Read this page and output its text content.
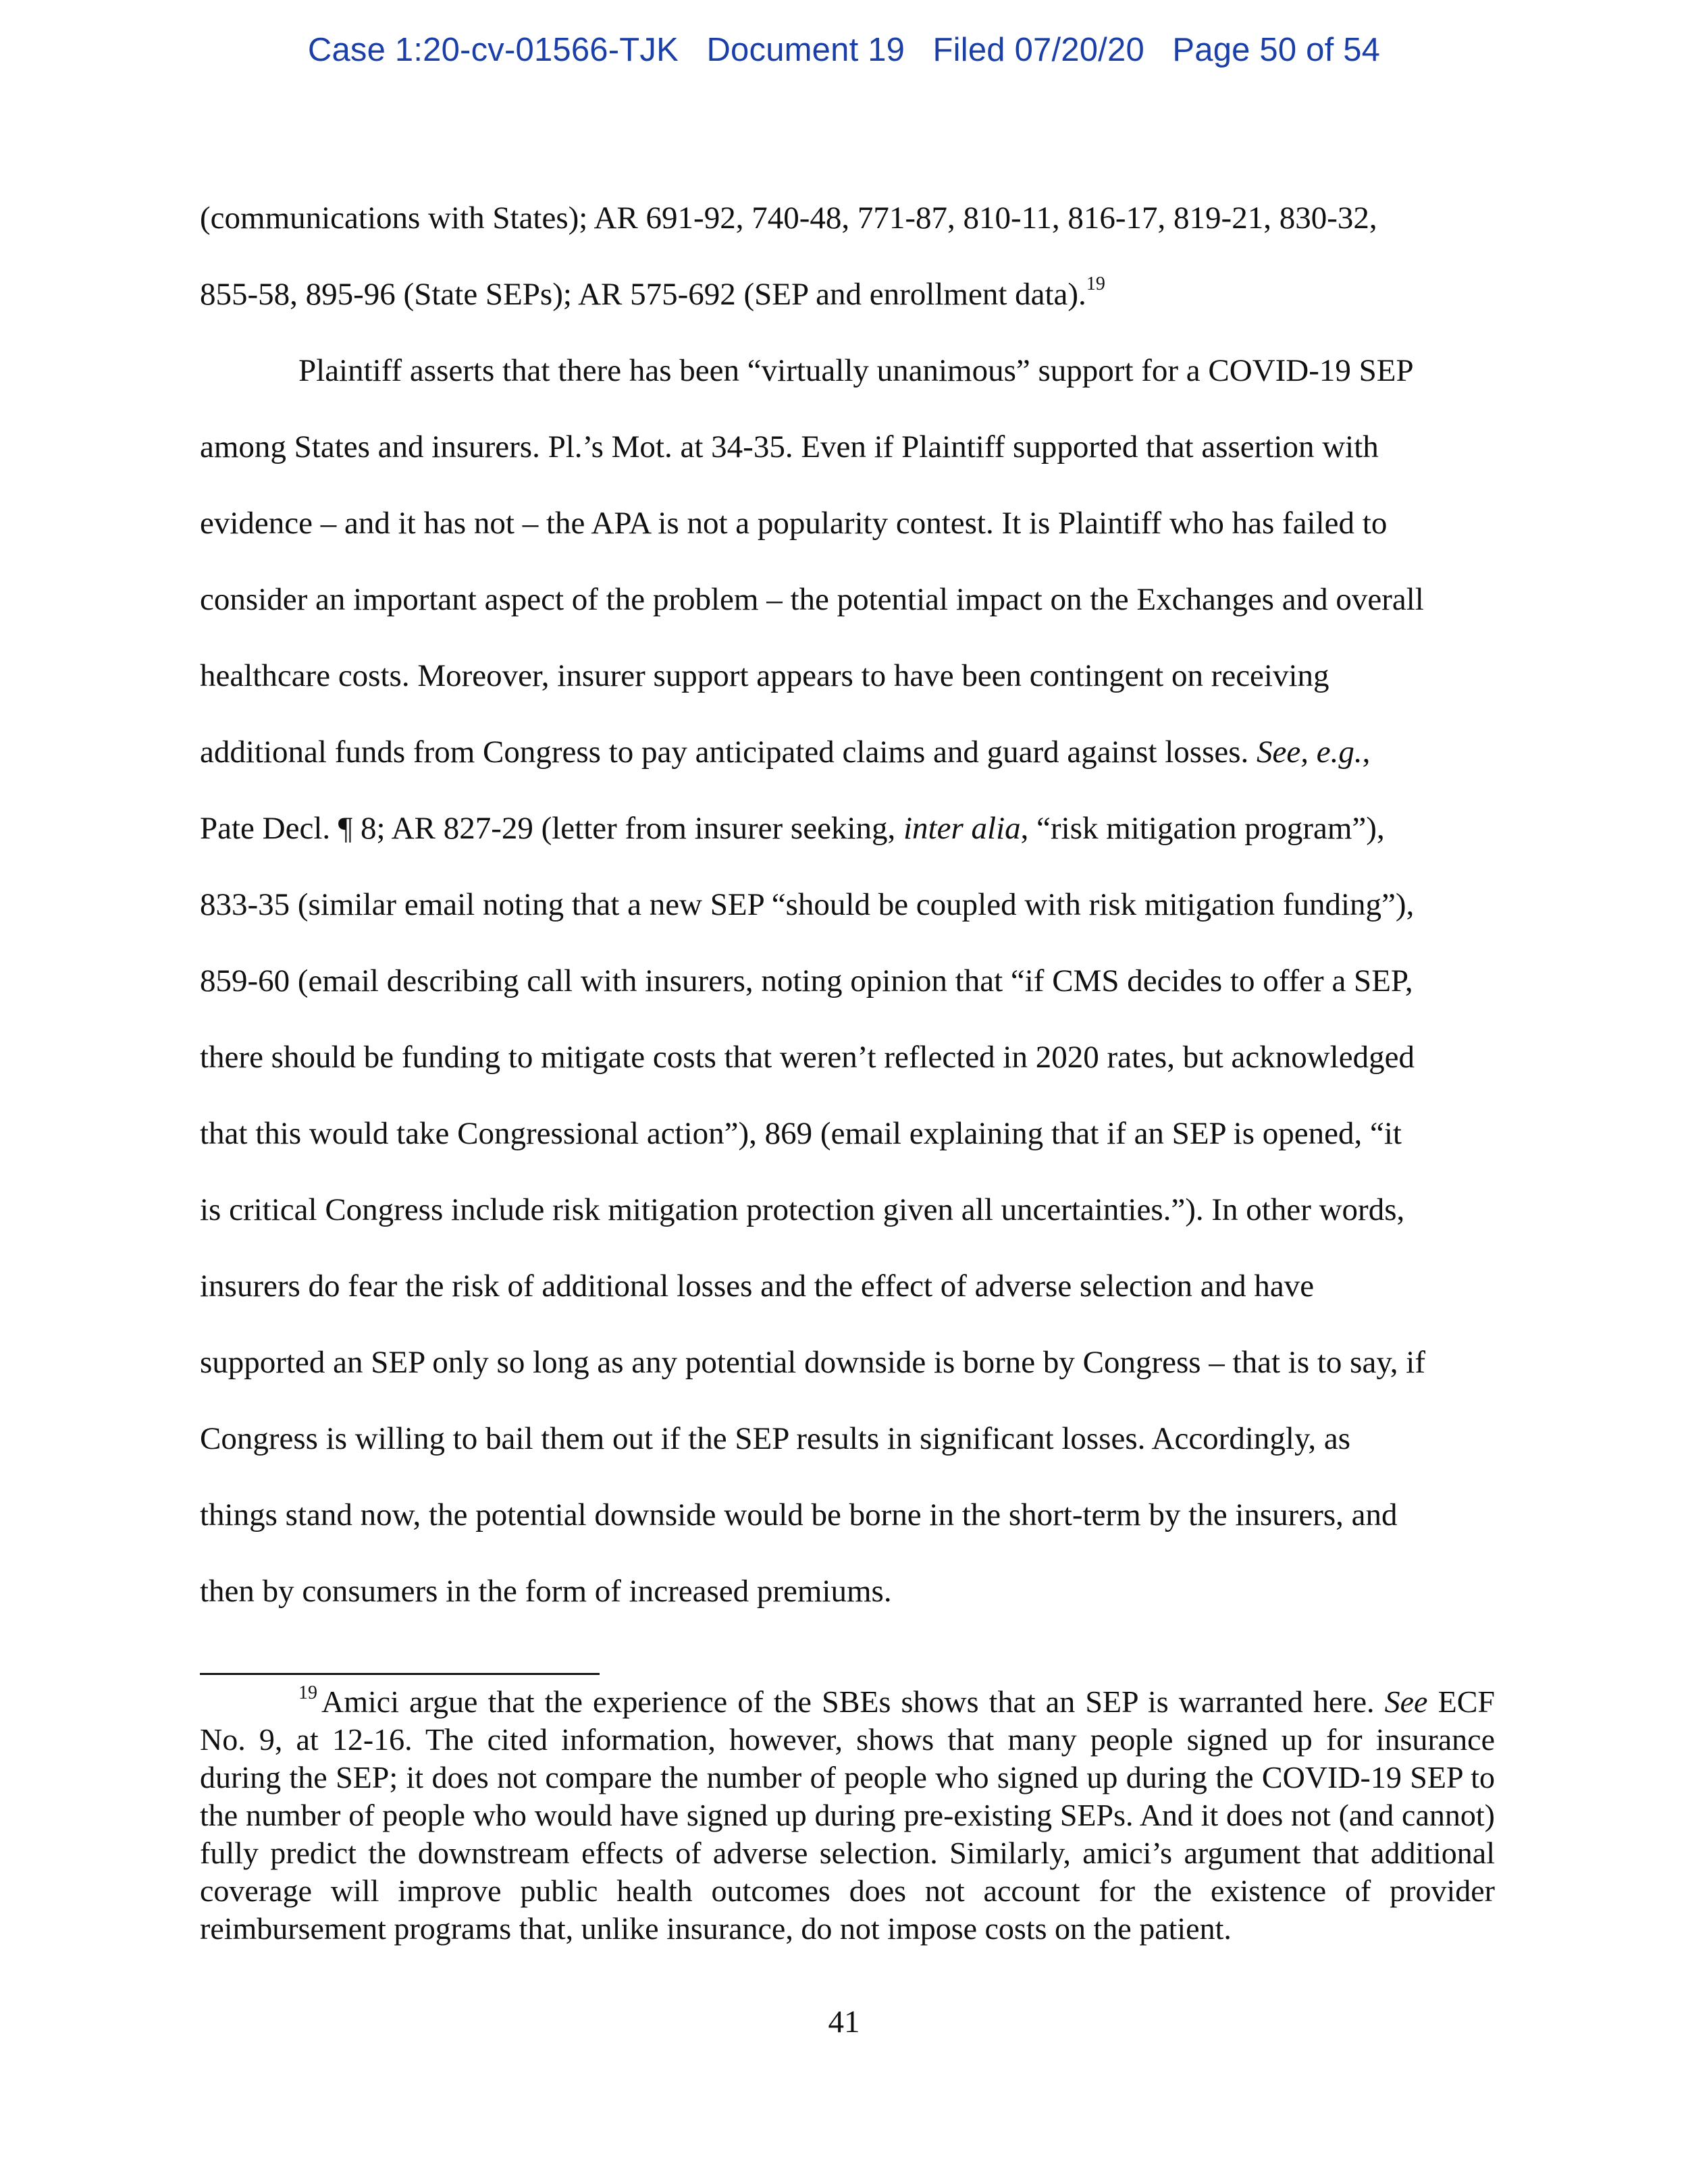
Case 1:20-cv-01566-TJK Document 19 Filed 07/20/20 Page 50 of 54
(communications with States); AR 691-92, 740-48, 771-87, 810-11, 816-17, 819-21, 830-32,
855-58, 895-96 (State SEPs); AR 575-692 (SEP and enrollment data).$^{19}$
Plaintiff asserts that there has been “virtually unanimous” support for a COVID-19 SEP
among States and insurers. Pl.’s Mot. at 34-35. Even if Plaintiff supported that assertion with
evidence – and it has not – the APA is not a popularity contest. It is Plaintiff who has failed to
consider an important aspect of the problem – the potential impact on the Exchanges and overall
healthcare costs. Moreover, insurer support appears to have been contingent on receiving
additional funds from Congress to pay anticipated claims and guard against losses. See, e.g.,
Pate Decl. ¶ 8; AR 827-29 (letter from insurer seeking, inter alia, “risk mitigation program”),
833-35 (similar email noting that a new SEP “should be coupled with risk mitigation funding”),
859-60 (email describing call with insurers, noting opinion that “if CMS decides to offer a SEP,
there should be funding to mitigate costs that weren’t reflected in 2020 rates, but acknowledged
that this would take Congressional action”), 869 (email explaining that if an SEP is opened, “it
is critical Congress include risk mitigation protection given all uncertainties.”). In other words,
insurers do fear the risk of additional losses and the effect of adverse selection and have
supported an SEP only so long as any potential downside is borne by Congress – that is to say, if
Congress is willing to bail them out if the SEP results in significant losses. Accordingly, as
things stand now, the potential downside would be borne in the short-term by the insurers, and
then by consumers in the form of increased premiums.
$^{19}$ Amici argue that the experience of the SBEs shows that an SEP is warranted here. See ECF No. 9, at 12-16. The cited information, however, shows that many people signed up for insurance during the SEP; it does not compare the number of people who signed up during the COVID-19 SEP to the number of people who would have signed up during pre-existing SEPs. And it does not (and cannot) fully predict the downstream effects of adverse selection. Similarly, amici’s argument that additional coverage will improve public health outcomes does not account for the existence of provider reimbursement programs that, unlike insurance, do not impose costs on the patient.
41
